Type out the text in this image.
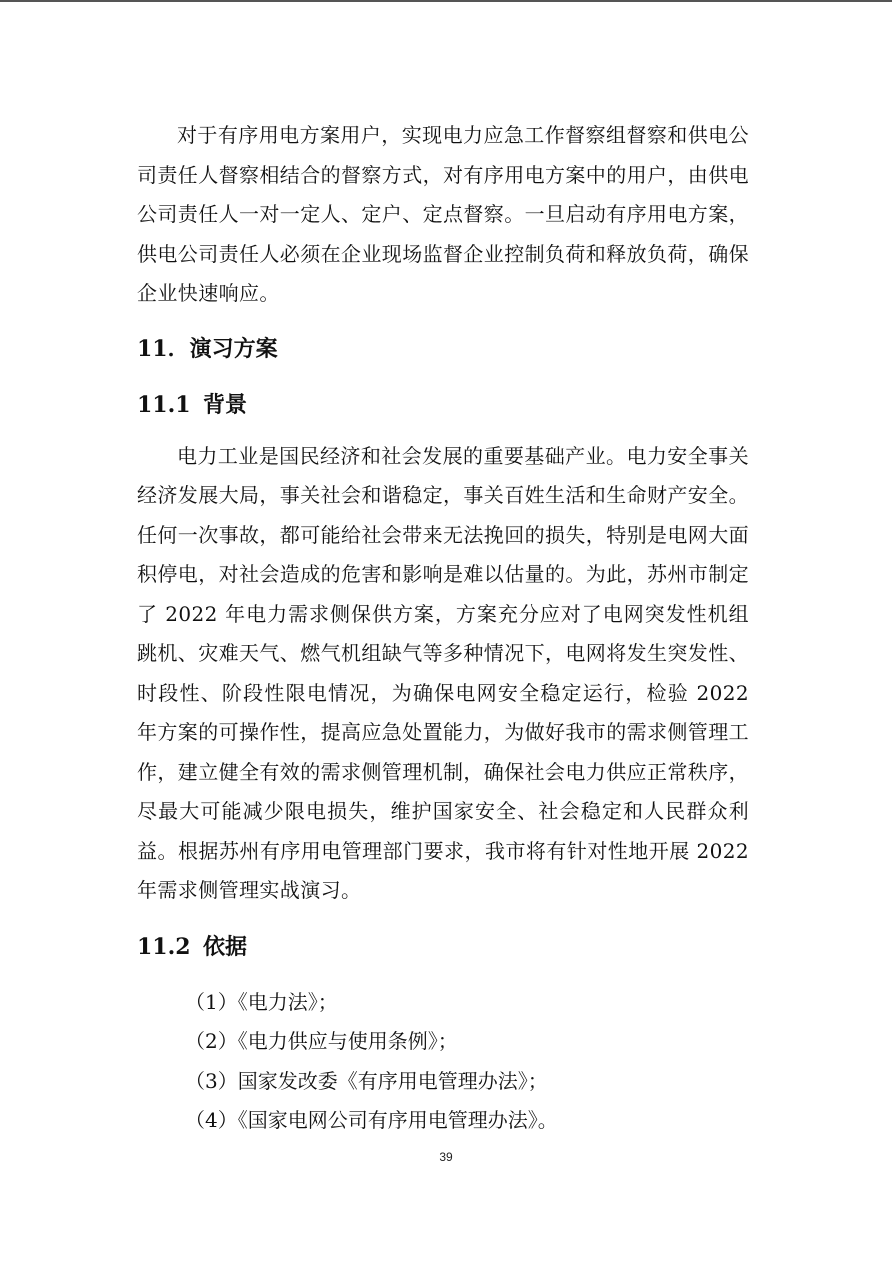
对于有序用电方案用户，实现电力应急工作督察组督察和供电公司责任人督察相结合的督察方式，对有序用电方案中的用户，由供电公司责任人一对一定人、定户、定点督察。一旦启动有序用电方案，供电公司责任人必须在企业现场监督企业控制负荷和释放负荷，确保企业快速响应。

11．演习方案
11.1 背景

电力工业是国民经济和社会发展的重要基础产业。电力安全事关经济发展大局，事关社会和谐稳定，事关百姓生活和生命财产安全。任何一次事故，都可能给社会带来无法挽回的损失，特别是电网大面积停电，对社会造成的危害和影响是难以估量的。为此，苏州市制定了 2022 年电力需求侧保供方案，方案充分应对了电网突发性机组跳机、灾难天气、燃气机组缺气等多种情况下，电网将发生突发性、时段性、阶段性限电情况，为确保电网安全稳定运行，检验 2022 年方案的可操作性，提高应急处置能力，为做好我市的需求侧管理工作，建立健全有效的需求侧管理机制，确保社会电力供应正常秩序，尽最大可能减少限电损失，维护国家安全、社会稳定和人民群众利益。根据苏州有序用电管理部门要求，我市将有针对性地开展 2022 年需求侧管理实战演习。

11.2 依据
（1）《电力法》；
（2）《电力供应与使用条例》；
（3）国家发改委《有序用电管理办法》；
（4）《国家电网公司有序用电管理办法》。
39
